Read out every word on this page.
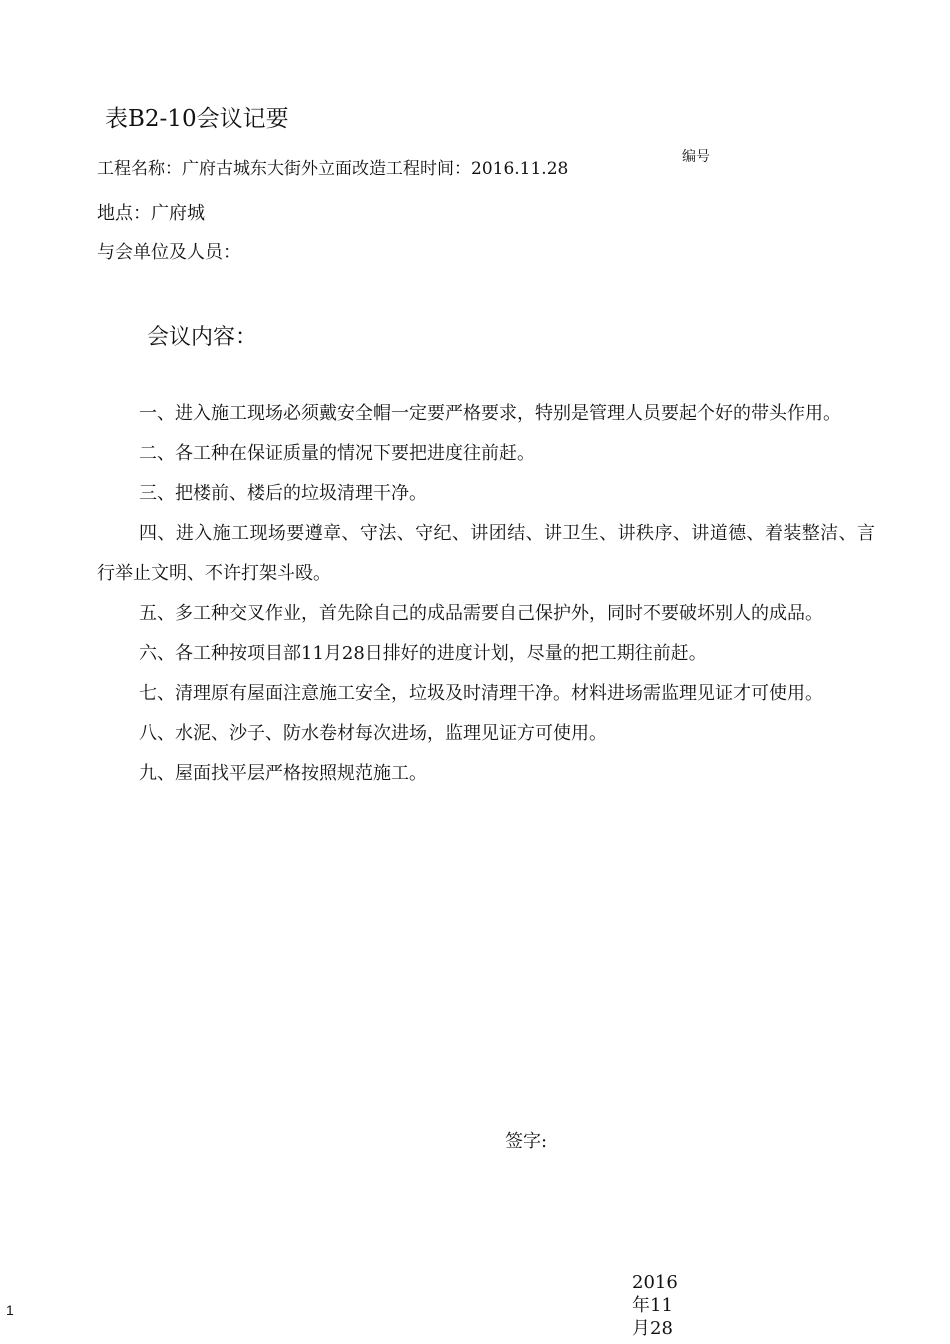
表B2-10会议记要
工程名称：广府古城东大街外立面改造工程时间：2016.11.28
编号
地点：广府城
与会单位及人员：
会议内容：

一、进入施工现场必须戴安全帽一定要严格要求，特别是管理人员要起个好的带头作用。

二、各工种在保证质量的情况下要把进度往前赶。

三、把楼前、楼后的垃圾清理干净。

四、进入施工现场要遵章、守法、守纪、讲团结、讲卫生、讲秩序、讲道德、着装整洁、言行举止文明、不许打架斗殴。

五、多工种交叉作业，首先除自己的成品需要自己保护外，同时不要破坏别人的成品。

六、各工种按项目部11月28日排好的进度计划，尽量的把工期往前赶。

七、清理原有屋面注意施工安全，垃圾及时清理干净。材料进场需监理见证才可使用。

八、水泥、沙子、防水卷材每次进场，监理见证方可使用。

九、屋面找平层严格按照规范施工。

签字:
2016
年11
月28
1
